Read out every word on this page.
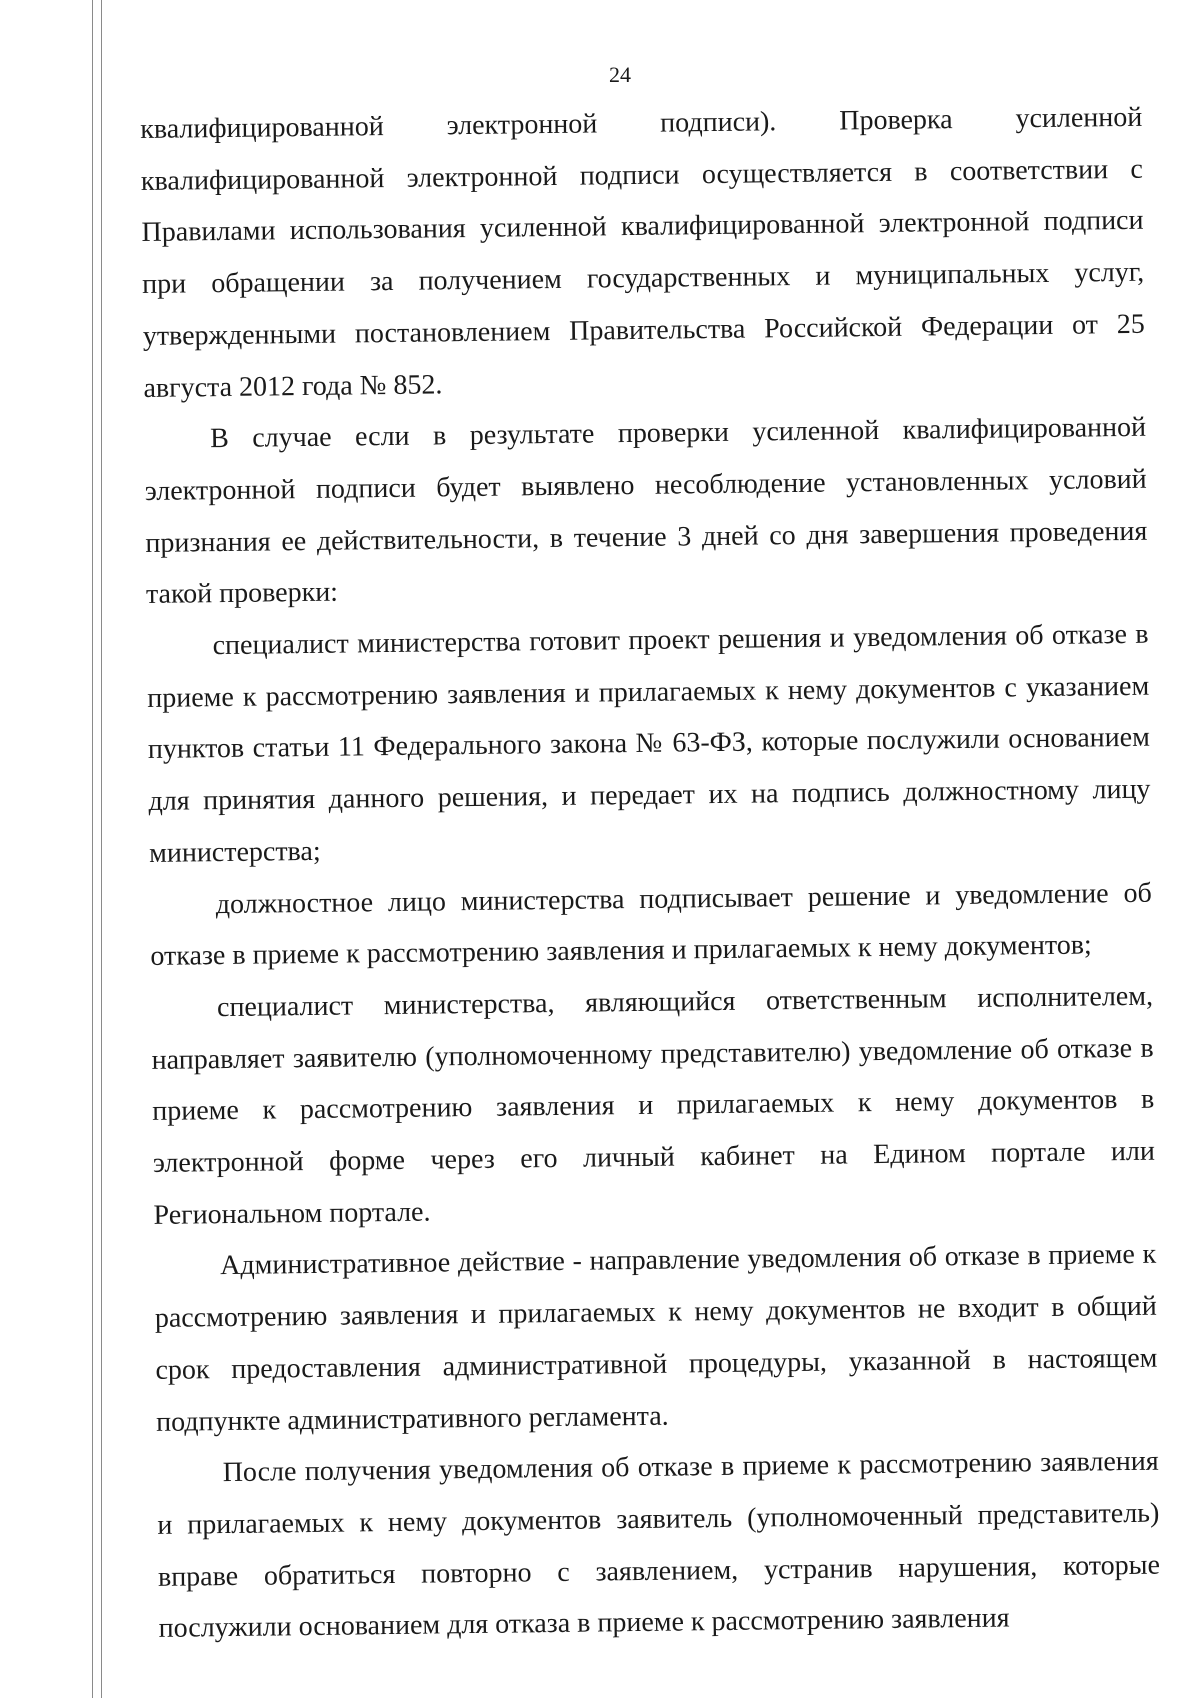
24

квалифицированной электронной подписи). Проверка усиленной квалифицированной электронной подписи осуществляется в соответствии с Правилами использования усиленной квалифицированной электронной подписи при обращении за получением государственных и муниципальных услуг, утвержденными постановлением Правительства Российской Федерации от 25 августа 2012 года № 852.

В случае если в результате проверки усиленной квалифицированной электронной подписи будет выявлено несоблюдение установленных условий признания ее действительности, в течение 3 дней со дня завершения проведения такой проверки:

специалист министерства готовит проект решения и уведомления об отказе в приеме к рассмотрению заявления и прилагаемых к нему документов с указанием пунктов статьи 11 Федерального закона № 63-ФЗ, которые послужили основанием для принятия данного решения, и передает их на подпись должностному лицу министерства;

должностное лицо министерства подписывает решение и уведомление об отказе в приеме к рассмотрению заявления и прилагаемых к нему документов;

специалист министерства, являющийся ответственным исполнителем, направляет заявителю (уполномоченному представителю) уведомление об отказе в приеме к рассмотрению заявления и прилагаемых к нему документов в электронной форме через его личный кабинет на Едином портале или Региональном портале.

Административное действие - направление уведомления об отказе в приеме к рассмотрению заявления и прилагаемых к нему документов не входит в общий срок предоставления административной процедуры, указанной в настоящем подпункте административного регламента.

После получения уведомления об отказе в приеме к рассмотрению заявления и прилагаемых к нему документов заявитель (уполномоченный представитель) вправе обратиться повторно с заявлением, устранив нарушения, которые послужили основанием для отказа в приеме к рассмотрению заявления
